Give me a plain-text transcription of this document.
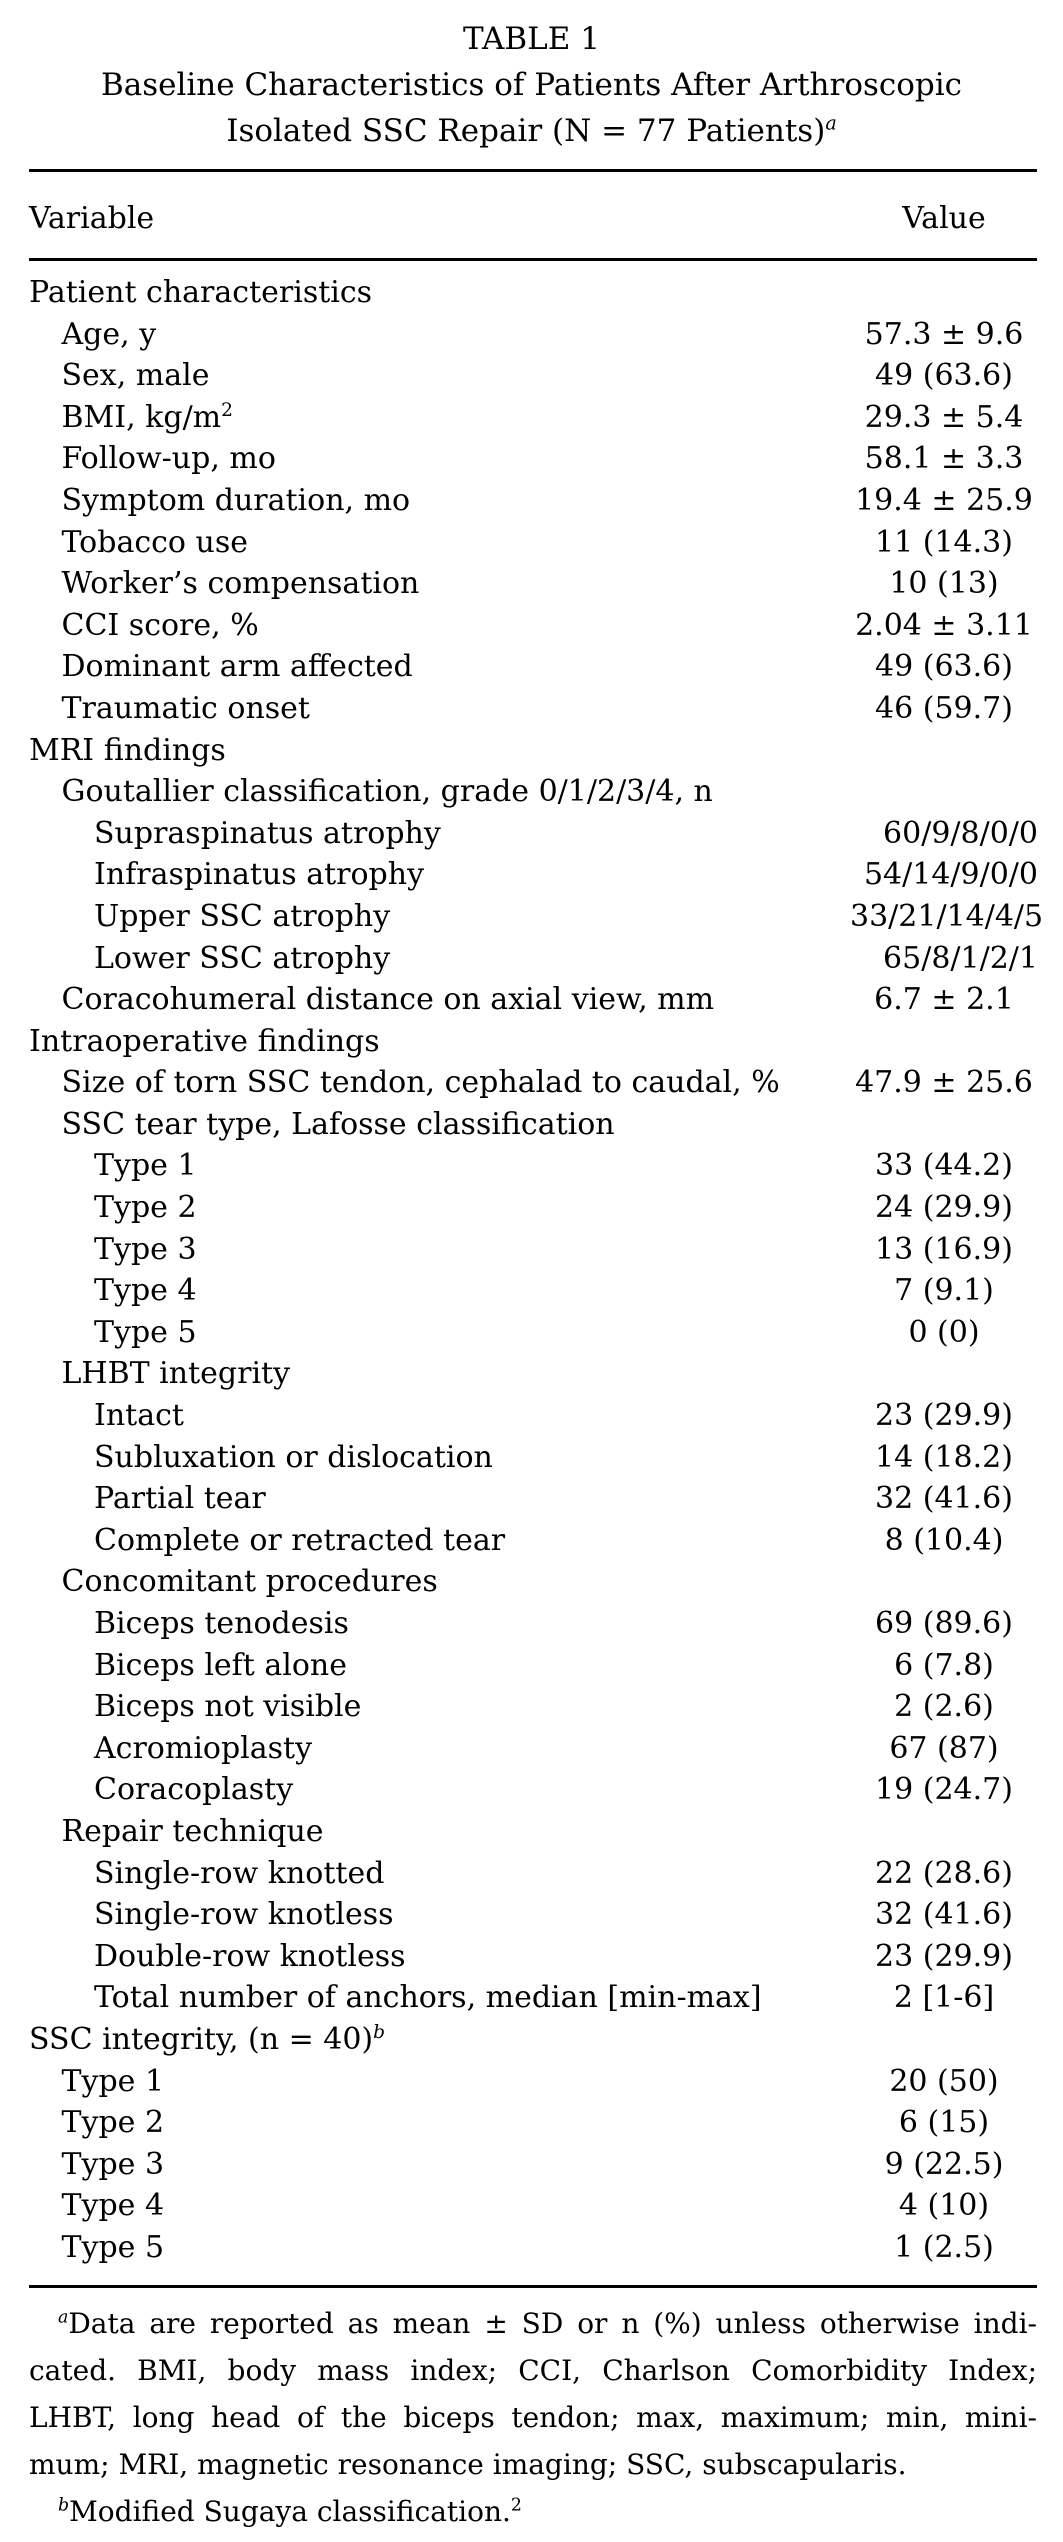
TABLE 1
Baseline Characteristics of Patients After Arthroscopic
Isolated SSC Repair (N = 77 Patients)$^a$
Variable	Value
Patient characteristics
Age, y	57.3 ± 9.6
Sex, male	49 (63.6)
BMI, $kg/m^2$	29.3 ± 5.4
Follow-up, mo	58.1 ± 3.3
Symptom duration, mo	19.4 ± 25.9
Tobacco use	11 (14.3)
Worker’s compensation	10 (13)
CCI score, %	2.04 ± 3.11
Dominant arm affected	49 (63.6)
Traumatic onset	46 (59.7)
MRI findings
Goutallier classification, grade 0/1/2/3/4, n
Supraspinatus atrophy	60/9/8/0/0
Infraspinatus atrophy	54/14/9/0/0
Upper SSC atrophy	33/21/14/4/5
Lower SSC atrophy	65/8/1/2/1
Coracohumeral distance on axial view, mm	6.7 ± 2.1
Intraoperative findings
Size of torn SSC tendon, cephalad to caudal, %	47.9 ± 25.6
SSC tear type, Lafosse classification
Type 1	33 (44.2)
Type 2	24 (29.9)
Type 3	13 (16.9)
Type 4	7 (9.1)
Type 5	0 (0)
LHBT integrity
Intact	23 (29.9)
Subluxation or dislocation	14 (18.2)
Partial tear	32 (41.6)
Complete or retracted tear	8 (10.4)
Concomitant procedures
Biceps tenodesis	69 (89.6)
Biceps left alone	6 (7.8)
Biceps not visible	2 (2.6)
Acromioplasty	67 (87)
Coracoplasty	19 (24.7)
Repair technique
Single-row knotted	22 (28.6)
Single-row knotless	32 (41.6)
Double-row knotless	23 (29.9)
Total number of anchors, median [min-max]	2 [1-6]
SSC integrity, (n = 40)$^b$
Type 1	20 (50)
Type 2	6 (15)
Type 3	9 (22.5)
Type 4	4 (10)
Type 5	1 (2.5)
$^a$Data are reported as mean ± SD or n (%) unless otherwise indi-
cated. BMI, body mass index; CCI, Charlson Comorbidity Index;
LHBT, long head of the biceps tendon; max, maximum; min, mini-
mum; MRI, magnetic resonance imaging; SSC, subscapularis.
$^b$Modified Sugaya classification.$^2$
